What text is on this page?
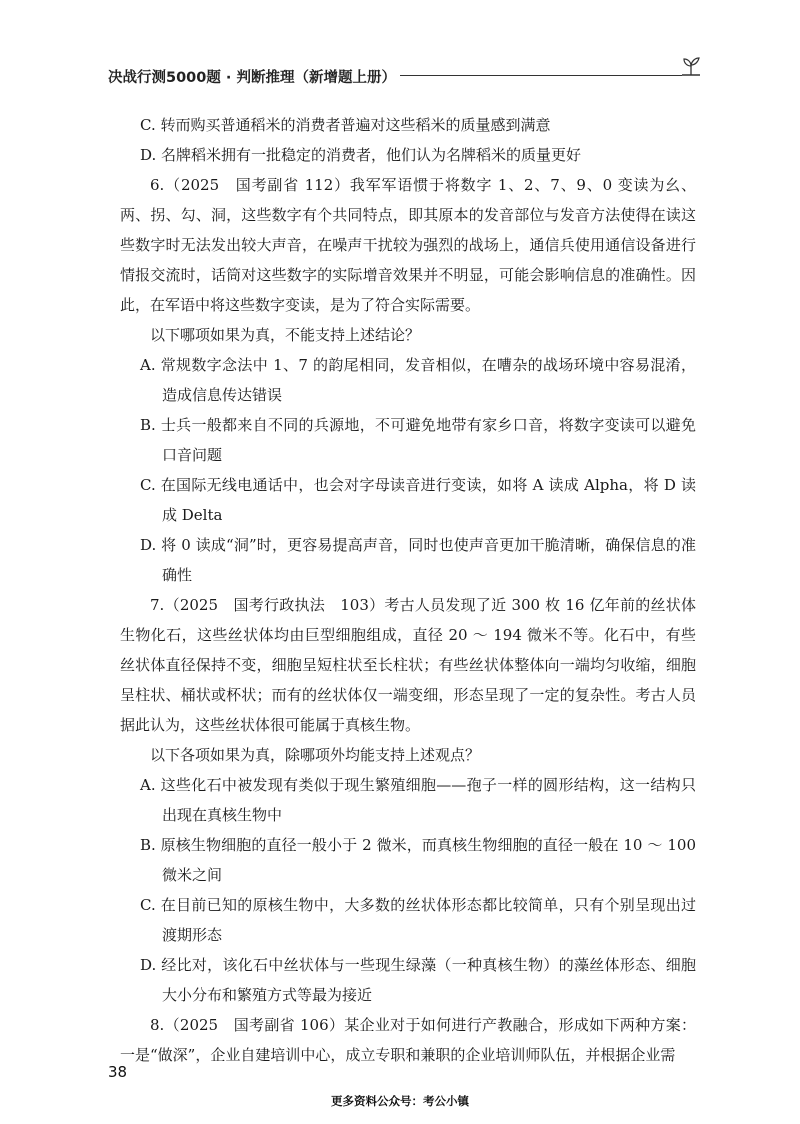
决战行测5000题 · 判断推理（新增题上册）

C. 转而购买普通稻米的消费者普遍对这些稻米的质量感到满意

D. 名牌稻米拥有一批稳定的消费者，他们认为名牌稻米的质量更好

6.（2025　国考副省 112）我军军语惯于将数字 1、2、7、9、0 变读为幺、两、拐、勾、洞，这些数字有个共同特点，即其原本的发音部位与发音方法使得在读这些数字时无法发出较大声音，在噪声干扰较为强烈的战场上，通信兵使用通信设备进行情报交流时，话筒对这些数字的实际增音效果并不明显，可能会影响信息的准确性。因此，在军语中将这些数字变读，是为了符合实际需要。

以下哪项如果为真，不能支持上述结论？

A. 常规数字念法中 1、7 的韵尾相同，发音相似，在嘈杂的战场环境中容易混淆，造成信息传达错误

B. 士兵一般都来自不同的兵源地，不可避免地带有家乡口音，将数字变读可以避免口音问题

C. 在国际无线电通话中，也会对字母读音进行变读，如将 A 读成 Alpha，将 D 读成 Delta

D. 将 0 读成“洞”时，更容易提高声音，同时也使声音更加干脆清晰，确保信息的准确性

7.（2025　国考行政执法　103）考古人员发现了近 300 枚 16 亿年前的丝状体生物化石，这些丝状体均由巨型细胞组成，直径 20 ～ 194 微米不等。化石中，有些丝状体直径保持不变，细胞呈短柱状至长柱状；有些丝状体整体向一端均匀收缩，细胞呈柱状、桶状或杯状；而有的丝状体仅一端变细，形态呈现了一定的复杂性。考古人员据此认为，这些丝状体很可能属于真核生物。

以下各项如果为真，除哪项外均能支持上述观点？

A. 这些化石中被发现有类似于现生繁殖细胞——孢子一样的圆形结构，这一结构只出现在真核生物中

B. 原核生物细胞的直径一般小于 2 微米，而真核生物细胞的直径一般在 10 ～ 100 微米之间

C. 在目前已知的原核生物中，大多数的丝状体形态都比较简单，只有个别呈现出过渡期形态

D. 经比对，该化石中丝状体与一些现生绿藻（一种真核生物）的藻丝体形态、细胞大小分布和繁殖方式等最为接近

8.（2025　国考副省 106）某企业对于如何进行产教融合，形成如下两种方案：一是“做深”，企业自建培训中心，成立专职和兼职的企业培训师队伍，并根据企业需

38
更多资料公众号：考公小镇
